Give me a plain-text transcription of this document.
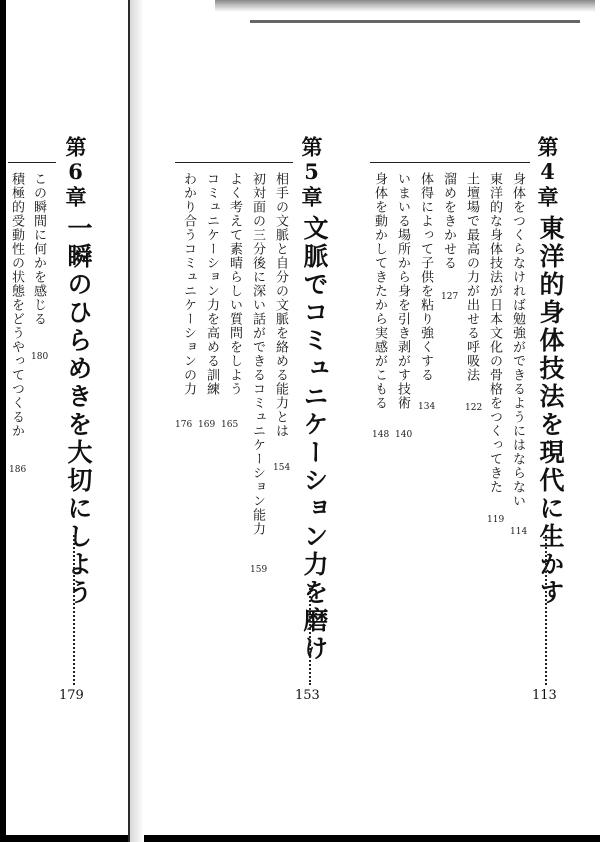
第4章
東洋的身体技法を現代に生かす
113
身体をつくらなければ勉強ができるようにはならない
114
東洋的な身体技法が日本文化の骨格をつくってきた
119
土壇場で最高の力が出せる呼吸法
122
溜めをきかせる
127
体得によって子供を粘り強くする
134
いまいる場所から身を引き剥がす技術
140
身体を動かしてきたから実感がこもる
148
第5章
文脈でコミュニケーション力を磨け
153
相手の文脈と自分の文脈を絡める能力とは
154
初対面の三分後に深い話ができるコミュニケーション能力
159
よく考えて素晴らしい質問をしよう
165
コミュニケーション力を高める訓練
169
わかり合うコミュニケーションの力
176
第6章
一瞬のひらめきを大切にしよう
179
この瞬間に何かを感じる
180
積極的受動性の状態をどうやってつくるか
186
